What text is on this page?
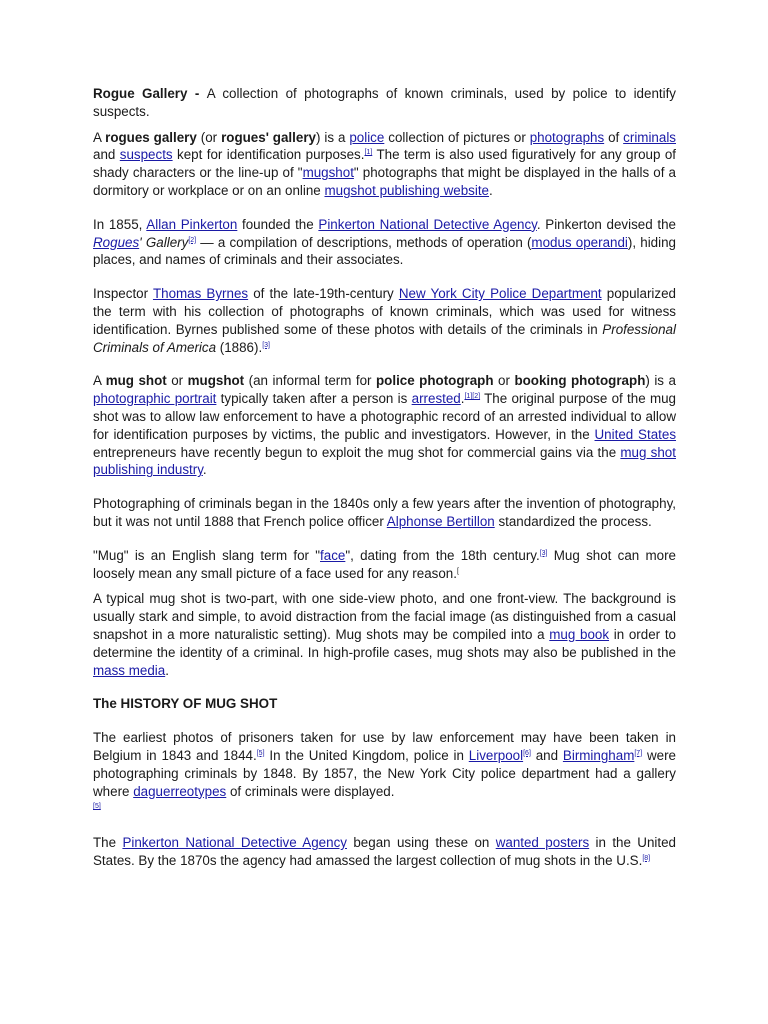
Rogue Gallery - A collection of photographs of known criminals, used by police to identify suspects.

A rogues gallery (or rogues' gallery) is a police collection of pictures or photographs of criminals and suspects kept for identification purposes.[1] The term is also used figuratively for any group of shady characters or the line-up of "mugshot" photographs that might be displayed in the halls of a dormitory or workplace or on an online mugshot publishing website.

In 1855, Allan Pinkerton founded the Pinkerton National Detective Agency. Pinkerton devised the Rogues' Gallery[2] — a compilation of descriptions, methods of operation (modus operandi), hiding places, and names of criminals and their associates.

Inspector Thomas Byrnes of the late-19th-century New York City Police Department popularized the term with his collection of photographs of known criminals, which was used for witness identification. Byrnes published some of these photos with details of the criminals in Professional Criminals of America (1886).[3]

A mug shot or mugshot (an informal term for police photograph or booking photograph) is a photographic portrait typically taken after a person is arrested.[1][2] The original purpose of the mug shot was to allow law enforcement to have a photographic record of an arrested individual to allow for identification purposes by victims, the public and investigators. However, in the United States entrepreneurs have recently begun to exploit the mug shot for commercial gains via the mug shot publishing industry.

Photographing of criminals began in the 1840s only a few years after the invention of photography, but it was not until 1888 that French police officer Alphonse Bertillon standardized the process.

"Mug" is an English slang term for "face", dating from the 18th century.[3] Mug shot can more loosely mean any small picture of a face used for any reason.[

A typical mug shot is two-part, with one side-view photo, and one front-view. The background is usually stark and simple, to avoid distraction from the facial image (as distinguished from a casual snapshot in a more naturalistic setting). Mug shots may be compiled into a mug book in order to determine the identity of a criminal. In high-profile cases, mug shots may also be published in the mass media.

The HISTORY OF MUG SHOT

The earliest photos of prisoners taken for use by law enforcement may have been taken in Belgium in 1843 and 1844.[5] In the United Kingdom, police in Liverpool[6] and Birmingham[7] were photographing criminals by 1848. By 1857, the New York City police department had a gallery where daguerreotypes of criminals were displayed.
[5]

The Pinkerton National Detective Agency began using these on wanted posters in the United States. By the 1870s the agency had amassed the largest collection of mug shots in the U.S.[8]
